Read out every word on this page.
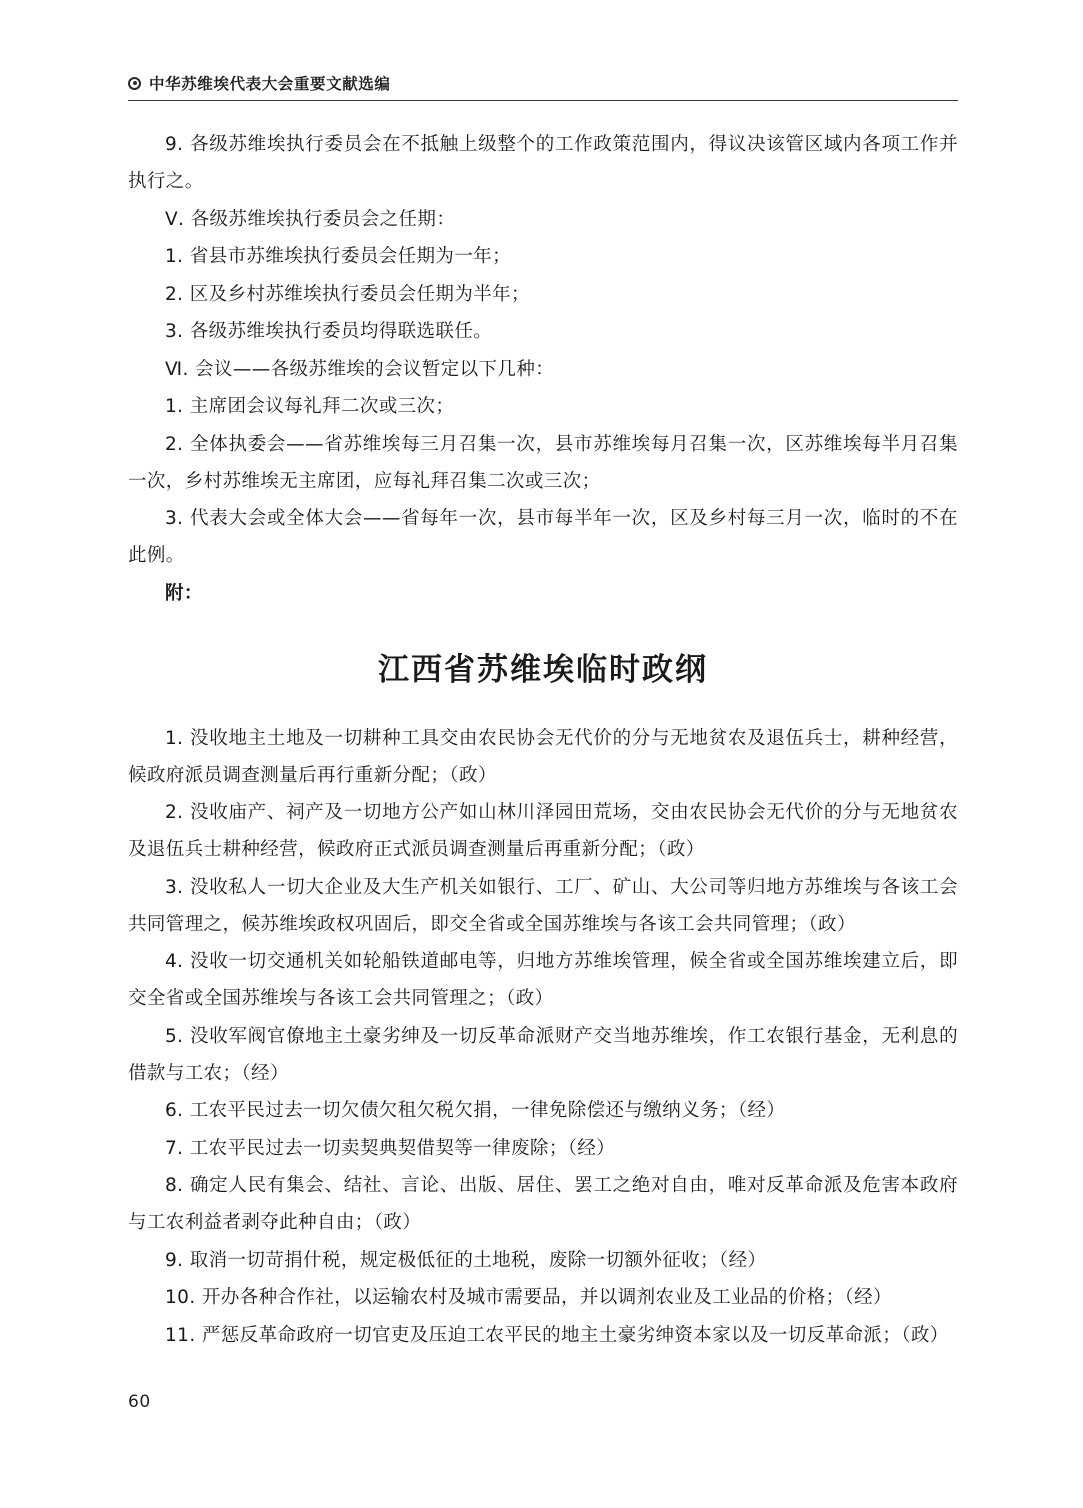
中华苏维埃代表大会重要文献选编

9. 各级苏维埃执行委员会在不抵触上级整个的工作政策范围内，得议决该管区域内各项工作并执行之。

Ⅴ. 各级苏维埃执行委员会之任期：

1. 省县市苏维埃执行委员会任期为一年；

2. 区及乡村苏维埃执行委员会任期为半年；

3. 各级苏维埃执行委员均得联选联任。

Ⅵ. 会议——各级苏维埃的会议暂定以下几种：

1. 主席团会议每礼拜二次或三次；

2. 全体执委会——省苏维埃每三月召集一次，县市苏维埃每月召集一次，区苏维埃每半月召集一次，乡村苏维埃无主席团，应每礼拜召集二次或三次；

3. 代表大会或全体大会——省每年一次，县市每半年一次，区及乡村每三月一次，临时的不在此例。

附：

江西省苏维埃临时政纲

1. 没收地主土地及一切耕种工具交由农民协会无代价的分与无地贫农及退伍兵士，耕种经营，候政府派员调查测量后再行重新分配；（政）

2. 没收庙产、祠产及一切地方公产如山林川泽园田荒场，交由农民协会无代价的分与无地贫农及退伍兵士耕种经营，候政府正式派员调查测量后再重新分配；（政）

3. 没收私人一切大企业及大生产机关如银行、工厂、矿山、大公司等归地方苏维埃与各该工会共同管理之，候苏维埃政权巩固后，即交全省或全国苏维埃与各该工会共同管理；（政）

4. 没收一切交通机关如轮船铁道邮电等，归地方苏维埃管理，候全省或全国苏维埃建立后，即交全省或全国苏维埃与各该工会共同管理之；（政）

5. 没收军阀官僚地主土豪劣绅及一切反革命派财产交当地苏维埃，作工农银行基金，无利息的借款与工农；（经）

6. 工农平民过去一切欠债欠租欠税欠捐，一律免除偿还与缴纳义务；（经）

7. 工农平民过去一切卖契典契借契等一律废除；（经）

8. 确定人民有集会、结社、言论、出版、居住、罢工之绝对自由，唯对反革命派及危害本政府与工农利益者剥夺此种自由；（政）

9. 取消一切苛捐什税，规定极低征的土地税，废除一切额外征收；（经）

10. 开办各种合作社，以运输农村及城市需要品，并以调剂农业及工业品的价格；（经）

11. 严惩反革命政府一切官吏及压迫工农平民的地主土豪劣绅资本家以及一切反革命派；（政）

60
